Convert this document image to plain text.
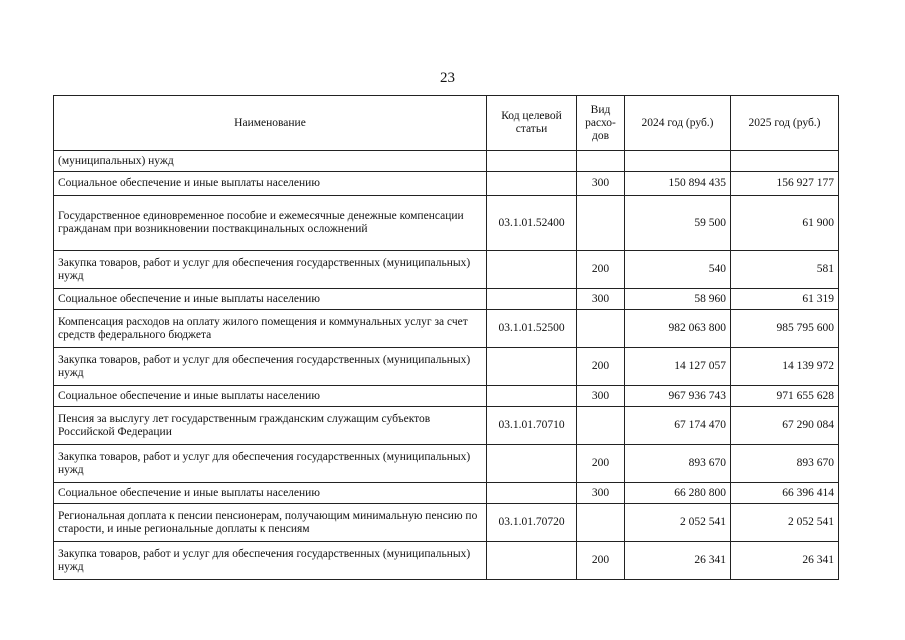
23
Наименование	Код целевой статьи	Вид расхо-дов	2024 год (руб.)	2025 год (руб.)
(муниципальных) нужд				
Социальное обеспечение и иные выплаты населению		300	150 894 435	156 927 177
Государственное единовременное пособие и ежемесячные денежные компенсации гражданам при возникновении поствакцинальных осложнений	03.1.01.52400		59 500	61 900
Закупка товаров, работ и услуг для обеспечения государственных (муниципальных) нужд		200	540	581
Социальное обеспечение и иные выплаты населению		300	58 960	61 319
Компенсация расходов на оплату жилого помещения и коммунальных услуг за счет средств федерального бюджета	03.1.01.52500		982 063 800	985 795 600
Закупка товаров, работ и услуг для обеспечения государственных (муниципальных) нужд		200	14 127 057	14 139 972
Социальное обеспечение и иные выплаты населению		300	967 936 743	971 655 628
Пенсия за выслугу лет государственным гражданским служащим субъектов Российской Федерации	03.1.01.70710		67 174 470	67 290 084
Закупка товаров, работ и услуг для обеспечения государственных (муниципальных) нужд		200	893 670	893 670
Социальное обеспечение и иные выплаты населению		300	66 280 800	66 396 414
Региональная доплата к пенсии пенсионерам, получающим минимальную пенсию по старости, и иные региональные доплаты к пенсиям	03.1.01.70720		2 052 541	2 052 541
Закупка товаров, работ и услуг для обеспечения государственных (муниципальных) нужд		200	26 341	26 341
